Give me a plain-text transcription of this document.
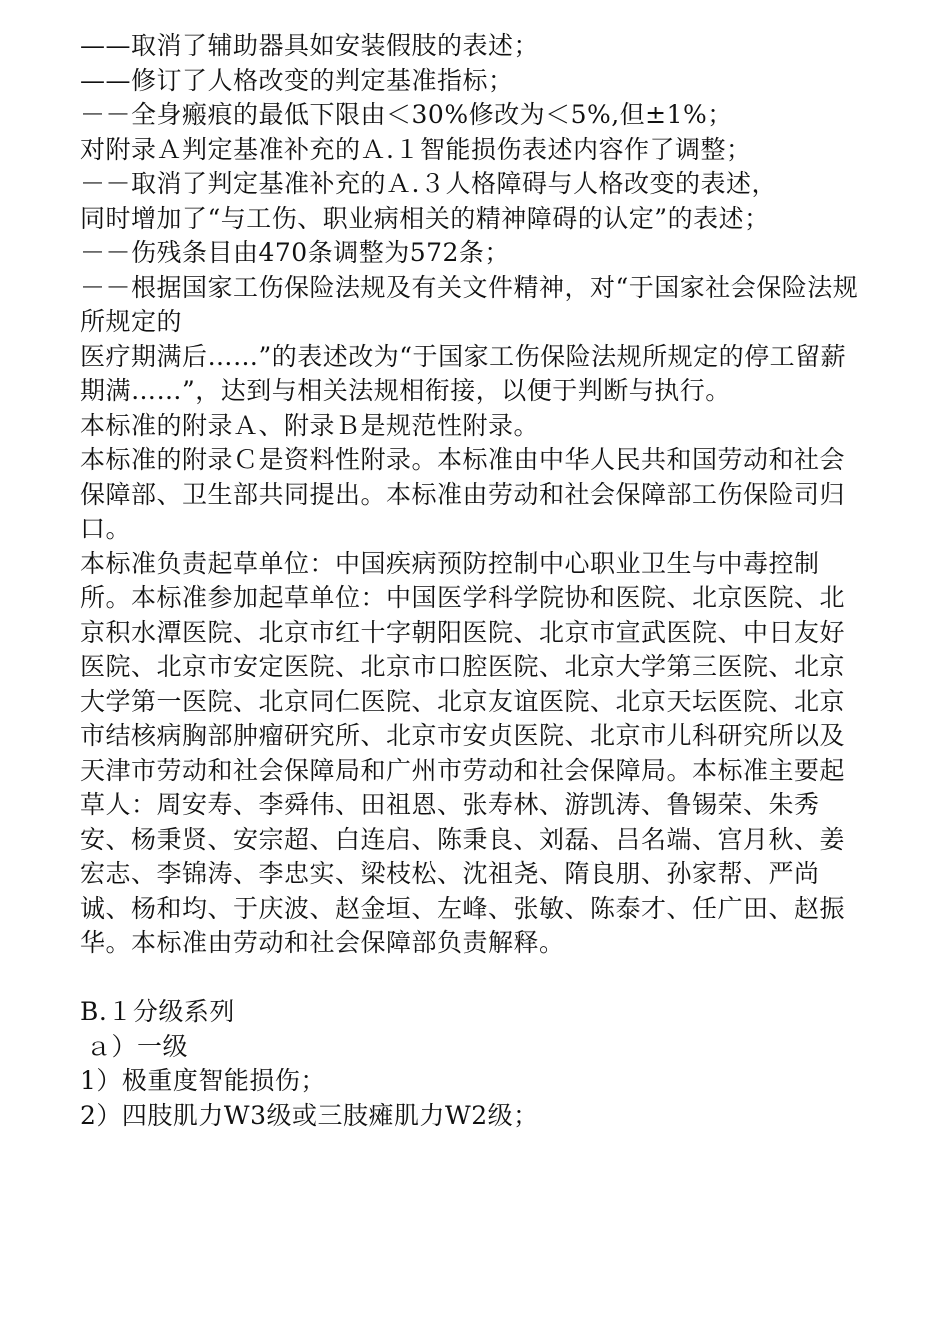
——取消了辅助器具如安装假肢的表述；

——修订了人格改变的判定基准指标；

－－全身瘢痕的最低下限由＜30%修改为＜5%,但±1%；

对附录Ａ判定基准补充的Ａ.１智能损伤表述内容作了调整；

－－取消了判定基准补充的Ａ.３人格障碍与人格改变的表述，

同时增加了“与工伤、职业病相关的精神障碍的认定”的表述；

－－伤残条目由470条调整为572条；

－－根据国家工伤保险法规及有关文件精神，对“于国家社会保险法规所规定的

医疗期满后……”的表述改为“于国家工伤保险法规所规定的停工留薪期满……”，达到与相关法规相衔接，以便于判断与执行。

本标准的附录Ａ、附录Ｂ是规范性附录。

本标准的附录Ｃ是资料性附录。本标准由中华人民共和国劳动和社会保障部、卫生部共同提出。本标准由劳动和社会保障部工伤保险司归口。

本标准负责起草单位：中国疾病预防控制中心职业卫生与中毒控制所。本标准参加起草单位：中国医学科学院协和医院、北京医院、北京积水潭医院、北京市红十字朝阳医院、北京市宣武医院、中日友好医院、北京市安定医院、北京市口腔医院、北京大学第三医院、北京大学第一医院、北京同仁医院、北京友谊医院、北京天坛医院、北京市结核病胸部肿瘤研究所、北京市安贞医院、北京市儿科研究所以及天津市劳动和社会保障局和广州市劳动和社会保障局。本标准主要起草人：周安寿、李舜伟、田祖恩、张寿林、游凯涛、鲁锡荣、朱秀安、杨秉贤、安宗超、白连启、陈秉良、刘磊、吕名端、宫月秋、姜宏志、李锦涛、李忠实、梁枝松、沈祖尧、隋良朋、孙家帮、严尚诚、杨和均、于庆波、赵金垣、左峰、张敏、陈泰才、任广田、赵振华。本标准由劳动和社会保障部负责解释。

B.１分级系列

ａ）一级

1）极重度智能损伤；

2）四肢肌力W3级或三肢瘫肌力W2级；
